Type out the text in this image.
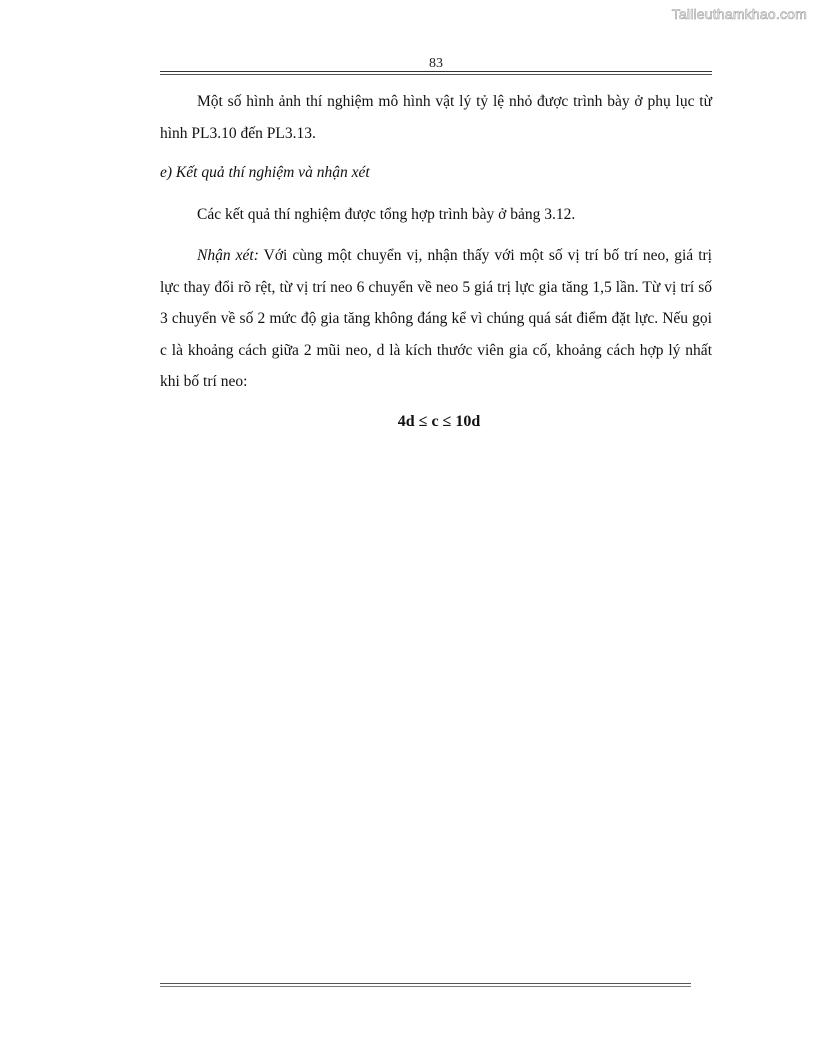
Tailieuthamkhao.com
83

Một số hình ảnh thí nghiệm mô hình vật lý tỷ lệ nhỏ được trình bày ở phụ lục từ hình PL3.10 đến PL3.13.

e) Kết quả thí nghiệm và nhận xét

Các kết quả thí nghiệm được tổng hợp trình bày ở bảng 3.12.

Nhận xét: Với cùng một chuyển vị, nhận thấy với một số vị trí bố trí neo, giá trị lực thay đổi rõ rệt, từ vị trí neo 6 chuyển về neo 5 giá trị lực gia tăng 1,5 lần. Từ vị trí số 3 chuyển về số 2 mức độ gia tăng không đáng kể vì chúng quá sát điểm đặt lực. Nếu gọi c là khoảng cách giữa 2 mũi neo, d là kích thước viên gia cố, khoảng cách hợp lý nhất khi bố trí neo:

4d ≤ c ≤ 10d
